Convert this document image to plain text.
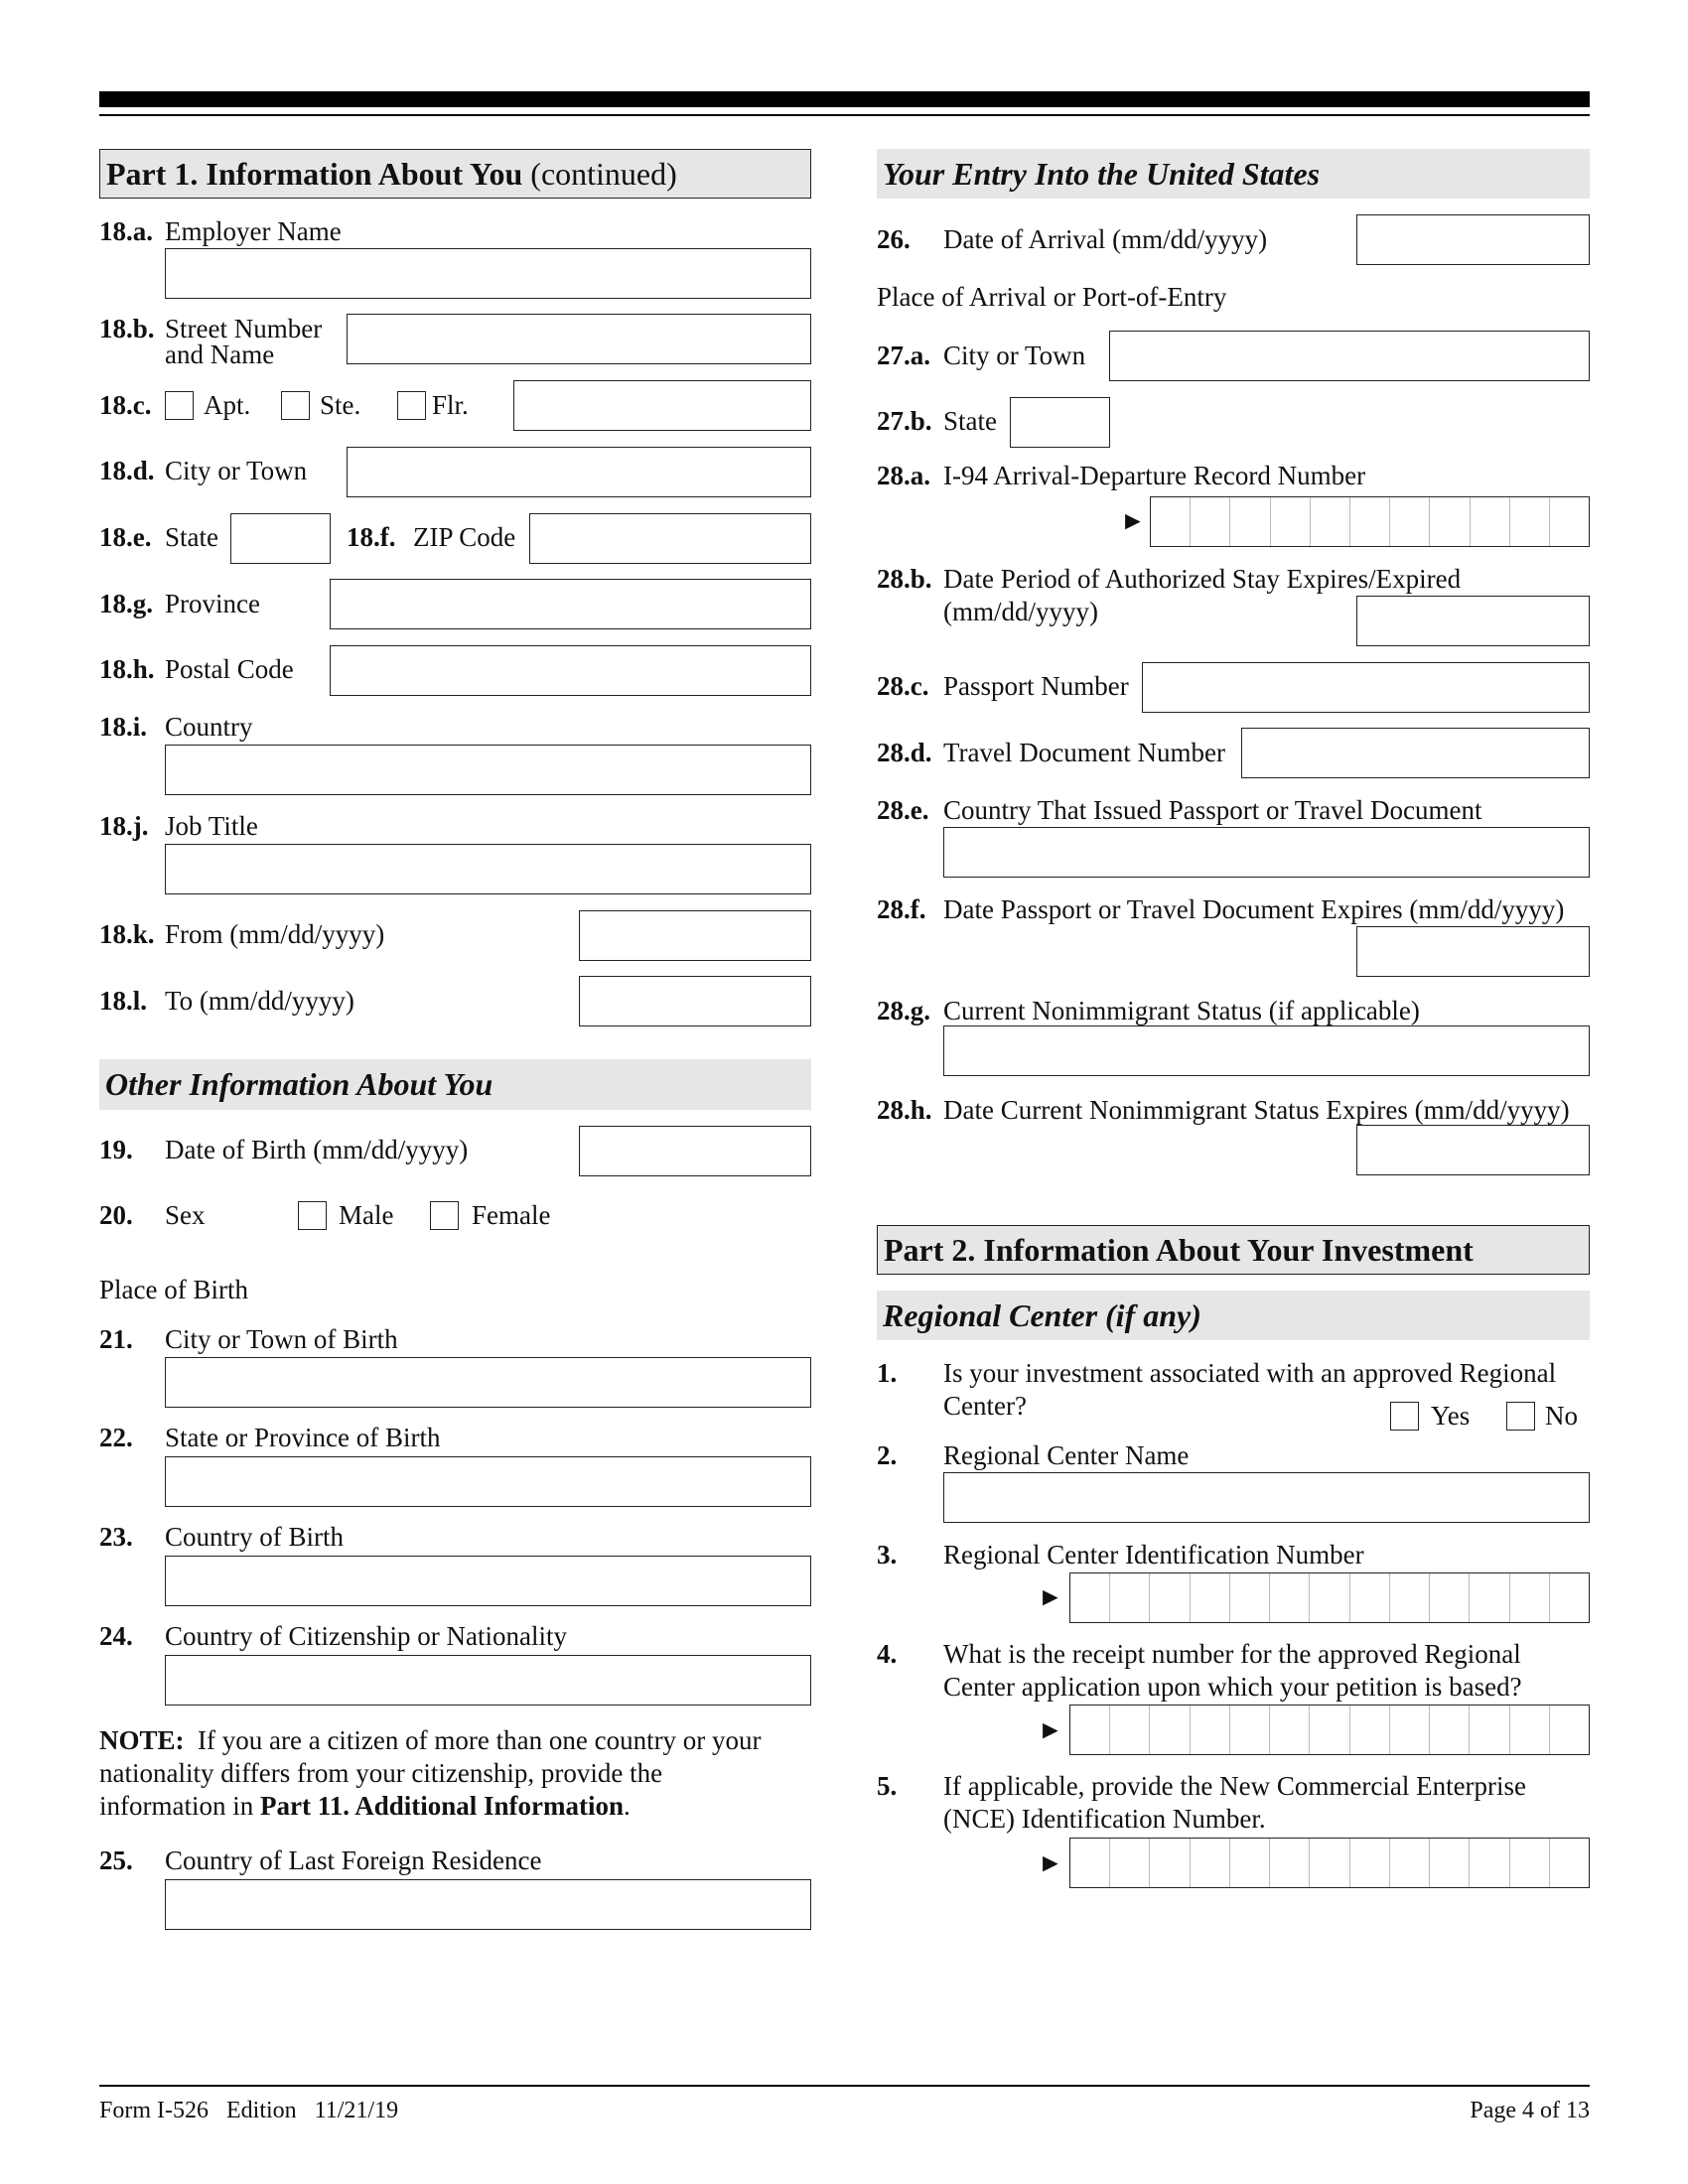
Part 1. Information About You (continued)
18.a. Employer Name
18.b. Street Number
and Name
18.c. Apt.	Ste.	Flr.
18.d. City or Town
18.e. State	18.f. ZIP Code
18.g. Province
18.h. Postal Code
18.i. Country
18.j. Job Title
18.k. From (mm/dd/yyyy)
18.l. To (mm/dd/yyyy)
Other Information About You
19. Date of Birth (mm/dd/yyyy)
20. Sex	Male	Female
Place of Birth
21. City or Town of Birth
22. State or Province of Birth
23. Country of Birth
24. Country of Citizenship or Nationality
NOTE:  If you are a citizen of more than one country or your
nationality differs from your citizenship, provide the
information in Part 11. Additional Information.
25. Country of Last Foreign Residence
Your Entry Into the United States
26. Date of Arrival (mm/dd/yyyy)
Place of Arrival or Port-of-Entry
27.a. City or Town
27.b. State
28.a. I-94 Arrival-Departure Record Number
►
28.b. Date Period of Authorized Stay Expires/Expired
(mm/dd/yyyy)
28.c. Passport Number
28.d. Travel Document Number
28.e. Country That Issued Passport or Travel Document
28.f. Date Passport or Travel Document Expires (mm/dd/yyyy)
28.g. Current Nonimmigrant Status (if applicable)
28.h. Date Current Nonimmigrant Status Expires (mm/dd/yyyy)
Part 2. Information About Your Investment
Regional Center (if any)
1. Is your investment associated with an approved Regional
Center?	Yes	No
2. Regional Center Name
3. Regional Center Identification Number
►
4. What is the receipt number for the approved Regional
Center application upon which your petition is based?
►
5. If applicable, provide the New Commercial Enterprise
(NCE) Identification Number.
►
Form I-526   Edition   11/21/19	Page 4 of 13
